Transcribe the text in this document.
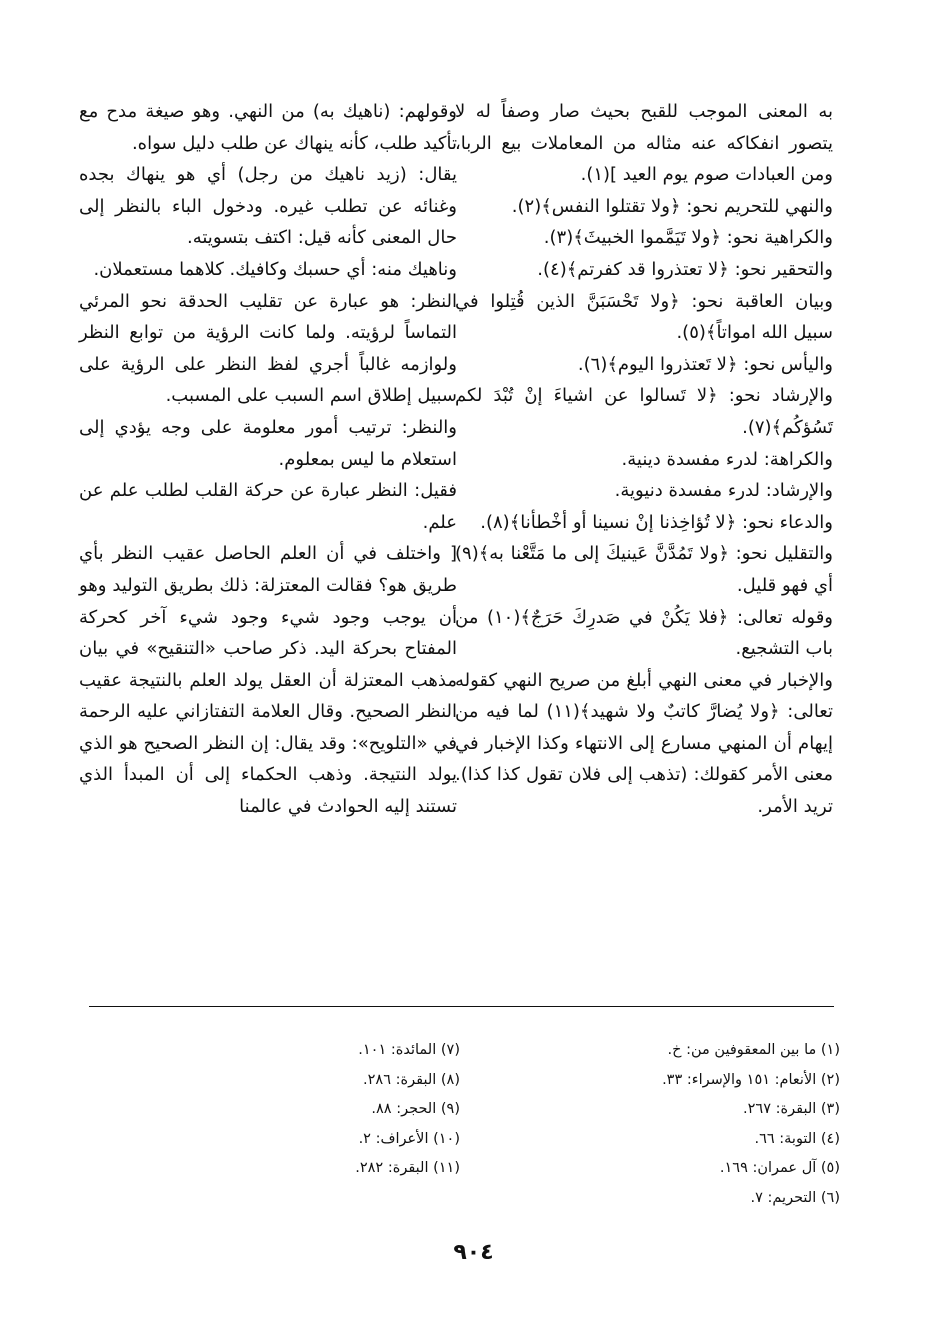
به المعنى الموجب للقبح بحيث صار وصفاً له لا يتصور انفكاكه عنه مثاله من المعاملات بيع الربا، ومن العبادات صوم يوم العيد ](١).

والنهي للتحريم نحو: ﴿ولا تقتلوا النفس﴾(٢).

والكراهية نحو: ﴿ولا تَيَمَّموا الخبيثَ﴾(٣).

والتحقير نحو: ﴿لا تعتذروا قد كفرتم﴾(٤).

وبيان العاقبة نحو: ﴿ولا تَحْسَبَنَّ الذين قُتِلوا في سبيل الله امواتاً﴾(٥).

واليأس نحو: ﴿لا تَعتذروا اليوم﴾(٦).

والإرشاد نحو: ﴿لا تَسالوا عن اشياءَ إنْ تُبْدَ لكم تَسُؤكُم﴾(٧).

والكراهة: لدرء مفسدة دينية.

والإرشاد: لدرء مفسدة دنيوية.

والدعاء نحو: ﴿لا تُؤاخِذنا إنْ نسينا أو أخْطأنا﴾(٨).

والتقليل نحو: ﴿ولا تَمُدَّنَّ عَينيكَ إلى ما مَتَّعْنا به﴾(٩) أي فهو قليل.

وقوله تعالى: ﴿فلا يَكُنْ في صَدرِكَ حَرَجٌ﴾(١٠) من باب التشجيع.

والإخبار في معنى النهي أبلغ من صريح النهي كقوله تعالى: ﴿ولا يُضارَّ كاتبٌ ولا شهيد﴾(١١) لما فيه من إيهام أن المنهي مسارع إلى الانتهاء وكذا الإخبار في معنى الأمر كقولك: (تذهب إلى فلان تقول كذا كذا). تريد الأمر.

وقولهم: (ناهيك به) من النهي. وهو صيغة مدح مع تأكيد طلب، كأنه ينهاك عن طلب دليل سواه.

يقال: (زيد ناهيك من رجل) أي هو ينهاك بجده وغنائه عن تطلب غيره. ودخول الباء بالنظر إلى حال المعنى كأنه قيل: اكتف بتسويته.

وناهيك منه: أي حسبك وكافيك. كلاهما مستعملان.

النظر: هو عبارة عن تقليب الحدقة نحو المرئي التماساً لرؤيته. ولما كانت الرؤية من توابع النظر ولوازمه غالباً أجري لفظ النظر على الرؤية على سبيل إطلاق اسم السبب على المسبب.

والنظر: ترتيب أمور معلومة على وجه يؤدي إلى استعلام ما ليس بمعلوم.

فقيل: النظر عبارة عن حركة القلب لطلب علم عن علم.

[ واختلف في أن العلم الحاصل عقيب النظر بأي طريق هو؟ فقالت المعتزلة: ذلك بطريق التوليد وهو أن يوجب وجود شيء وجود شيء آخر كحركة المفتاح بحركة اليد. ذكر صاحب «التنقيح» في بيان مذهب المعتزلة أن العقل يولد العلم بالنتيجة عقيب النظر الصحيح. وقال العلامة التفتازاني عليه الرحمة في «التلويح»: وقد يقال: إن النظر الصحيح هو الذي يولد النتيجة. وذهب الحكماء إلى أن المبدأ الذي تستند إليه الحوادث في عالمنا

(١) ما بين المعقوفين من: خ.
(٢) الأنعام: ١٥١ والإسراء: ٣٣.
(٣) البقرة: ٢٦٧.
(٤) التوبة: ٦٦.
(٥) آل عمران: ١٦٩.
(٦) التحريم: ٧.
(٧) المائدة: ١٠١.
(٨) البقرة: ٢٨٦.
(٩) الحجر: ٨٨.
(١٠) الأعراف: ٢.
(١١) البقرة: ٢٨٢.
٩٠٤
